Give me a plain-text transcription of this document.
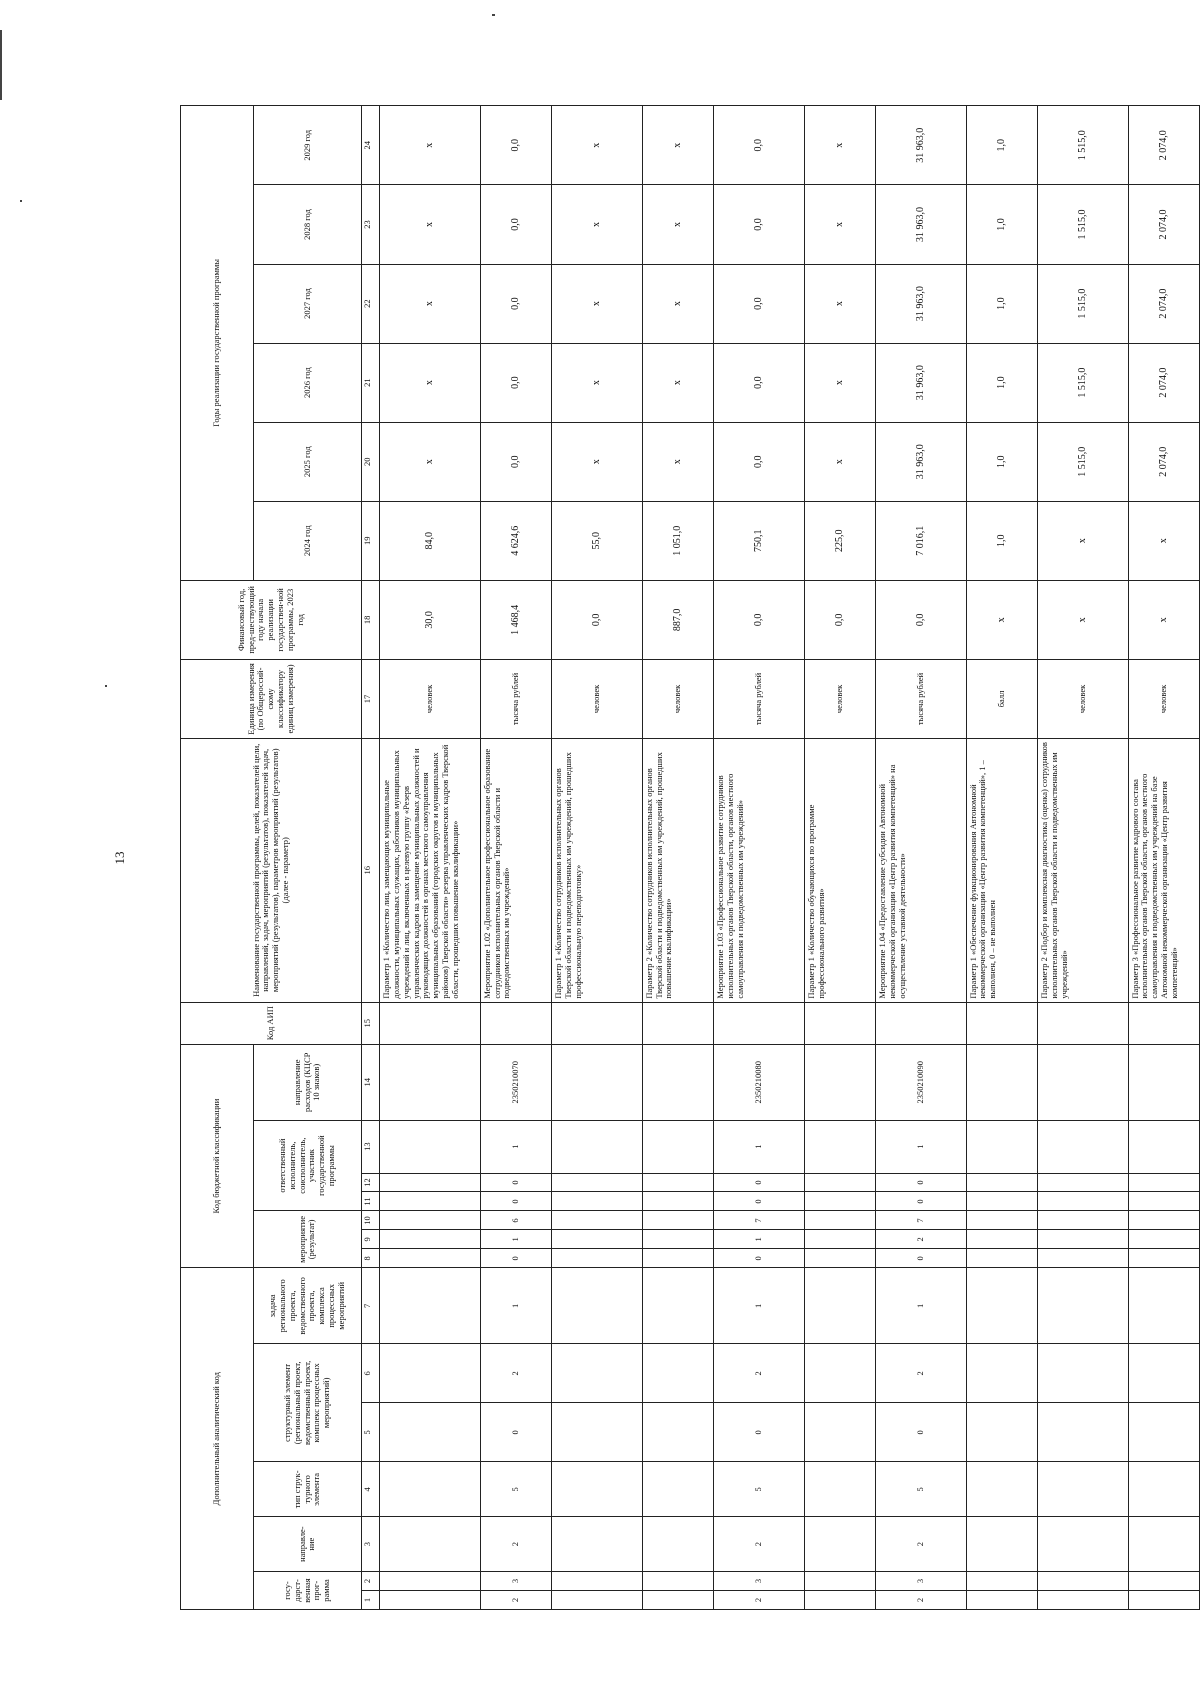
13
Дополнительный аналитический код							Код бюджетной классификации							Код АИП	Наименование государственной программы, целей, показателей цели, направлений, задач, мероприятий (результатов), показателей задач, мероприятий (результатов), параметров мероприятий (результатов) (далее - параметр)	Единица измерения (по Общероссий-скому классификатору единиц измерения)	Финансовый год, пред-шествующий году начала реализации государствен-ной программы, 2023 год	Годы реализации государственной программы					
госу-дарст-венная прог-рамма		направле-ние	тип струк-турного элемента	структурный элемент (региональный проект, ведомственный проект, комплекс процессных мероприятий)		задача регионального проекта, ведомственного проекта, комплекса процессных мероприятий	мероприятие (результат)			ответственный исполнитель, соисполнитель, участник государственной программы			направление расходов (КЦСР 10 знаков)					2024 год	2025 год	2026 год	2027 год	2028 год	2029 год
1	2	3	4	5	6	7	8	9	10	11	12	13	14	15	16	17	18	19	20	21	22	23	24
															Параметр 1 «Количество лиц, замещающих муниципальные должности, муниципальных служащих, работников муниципальных учреждений и лиц, включенных в целевую группу «Резерв управленческих кадров на замещение муниципальных должностей и руководящих должностей в органах местного самоуправления муниципальных образований (городских округов и муниципальных районов) Тверской области» резерва управленческих кадров Тверской области, прошедших повышение квалификации»	человек	30,0	84,0	x	x	x	x	x
2	3	2	5	0	2	1	0	1	6	0	0	1	2350210070		Мероприятие 1.02 «Дополнительное профессиональное образование сотрудников исполнительных органов Тверской области и подведомственных им учреждений»	тысяча рублей	1 468,4	4 624,6	0,0	0,0	0,0	0,0	0,0
															Параметр 1 «Количество сотрудников исполнительных органов Тверской области и подведомственных им учреждений, прошедших профессиональную переподготовку»	человек	0,0	55,0	x	x	x	x	x
															Параметр 2 «Количество сотрудников исполнительных органов Тверской области и подведомственных им учреждений, прошедших повышение квалификации»	человек	887,0	1 051,0	x	x	x	x	x
2	3	2	5	0	2	1	0	1	7	0	0	1	2350210080		Мероприятие 1.03 «Профессиональное развитие сотрудников исполнительных органов Тверской области, органов местного самоуправления и подведомственных им учреждений»	тысяча рублей	0,0	750,1	0,0	0,0	0,0	0,0	0,0
															Параметр 1 «Количество обучающихся по программе профессионального развития»	человек	0,0	225,0	x	x	x	x	x
2	3	2	5	0	2	1	0	2	7	0	0	1	2350210090		Мероприятие 1.04 «Предоставление субсидии Автономной некоммерческой организации «Центр развития компетенций» на осуществление уставной деятельности»	тысяча рублей	0,0	7 016,1	31 963,0	31 963,0	31 963,0	31 963,0	31 963,0
															Параметр 1 «Обеспечение функционирования Автономной некоммерческой организации «Центр развития компетенций», 1 – выполнен, 0 – не выполнен	балл	x	1,0	1,0	1,0	1,0	1,0	1,0
															Параметр 2 «Подбор и комплексная диагностика (оценка) сотрудников исполнительных органов Тверской области и подведомственных им учреждений»	человек	x	x	1 515,0	1 515,0	1 515,0	1 515,0	1 515,0
															Параметр 3 «Профессиональное развитие кадрового состава исполнительных органов Тверской области, органов местного самоуправления и подведомственных им учреждений на базе Автономной некоммерческой организации «Центр развития компетенций»	человек	x	x	2 074,0	2 074,0	2 074,0	2 074,0	2 074,0
